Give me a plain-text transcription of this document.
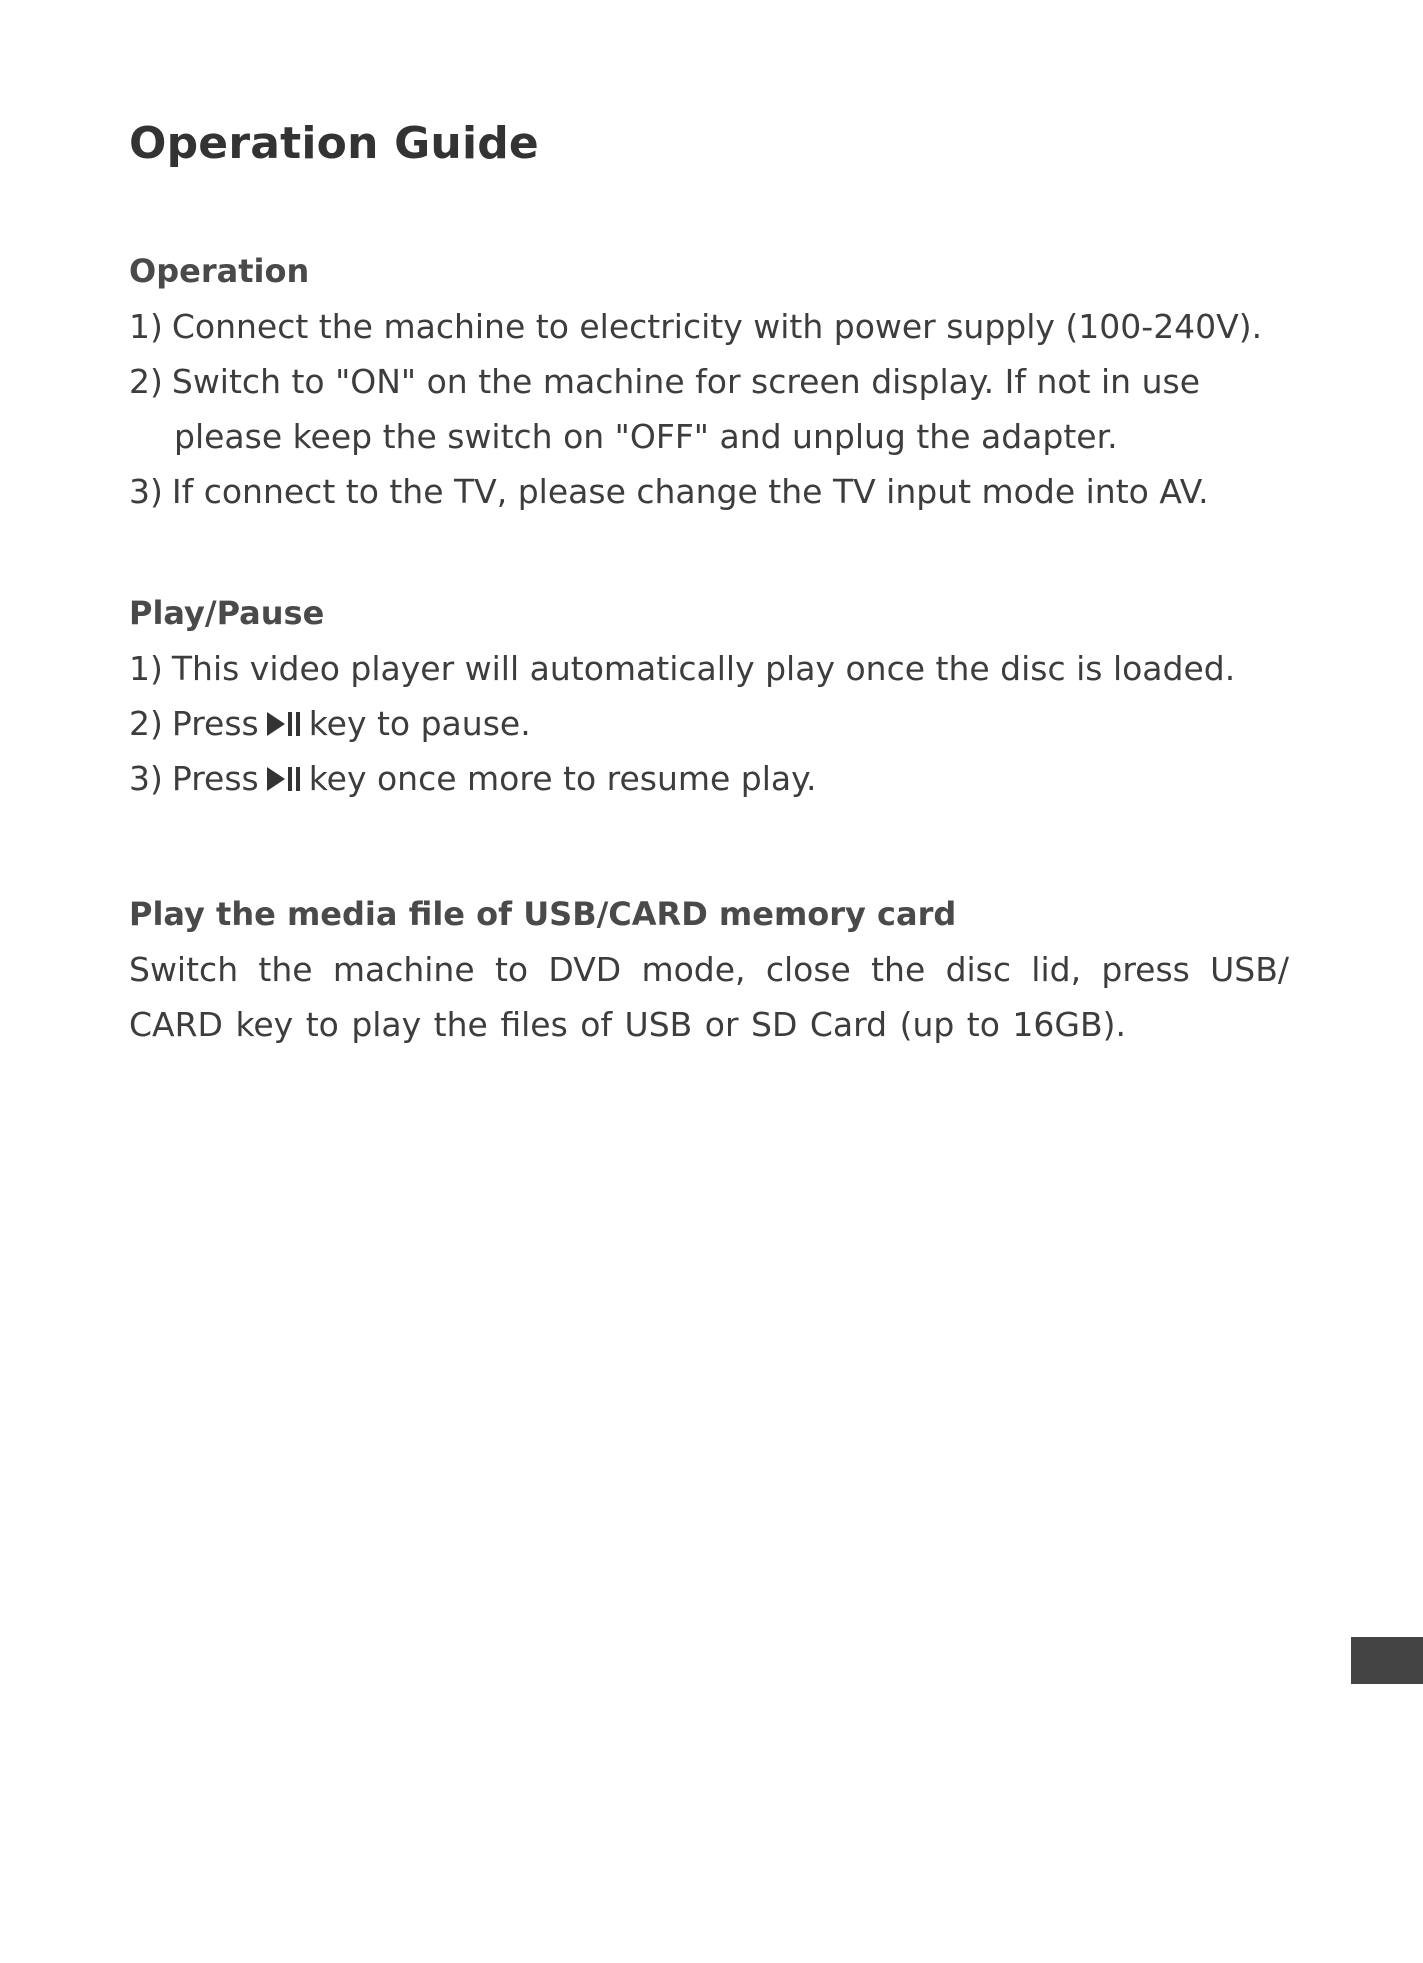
Operation Guide
Operation
1) Connect the machine to electricity with power supply (100-240V).
2) Switch to "ON" on the machine for screen display. If not in use
please keep the switch on "OFF" and unplug the adapter.
3) If connect to the TV, please change the TV input mode into AV.
Play/Pause
1) This video player will automatically play once the disc is loaded.
2) Press key to pause.
3) Press key once more to resume play.
Play the media file of USB/CARD memory card

Switch the machine to DVD mode, close the disc lid, press USB/ CARD key to play the files of USB or SD Card (up to 16GB).
